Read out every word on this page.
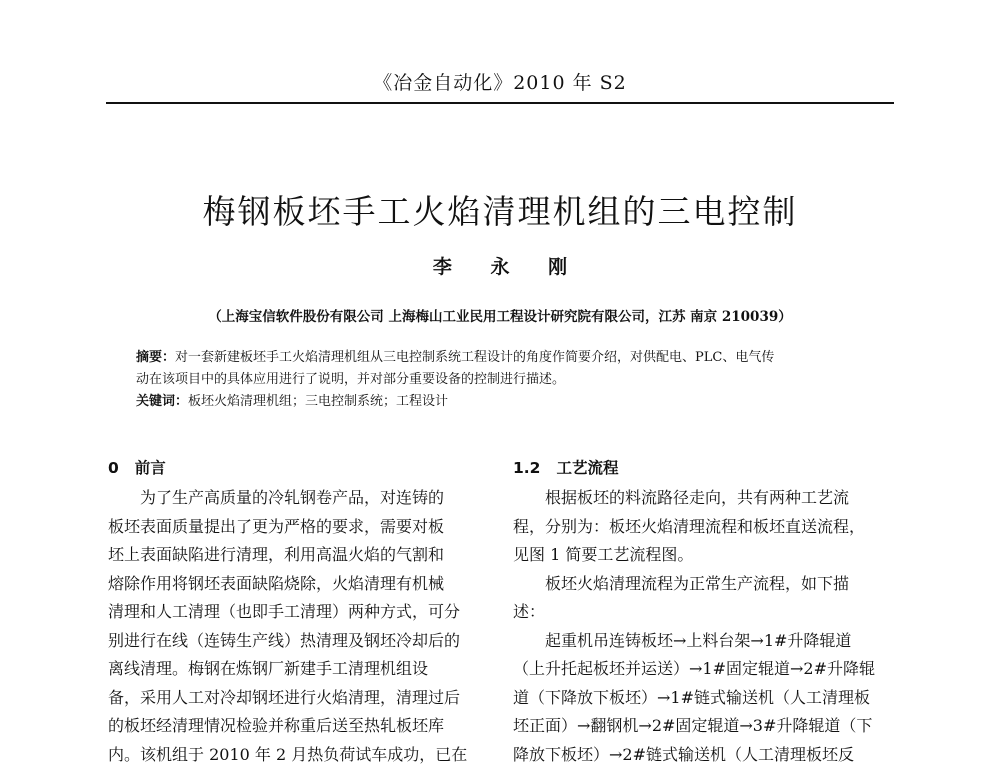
《冶金自动化》2010 年 S2
梅钢板坯手工火焰清理机组的三电控制
李 永 刚
（上海宝信软件股份有限公司 上海梅山工业民用工程设计研究院有限公司，江苏 南京 210039）

摘要：对一套新建板坯手工火焰清理机组从三电控制系统工程设计的角度作简要介绍，对供配电、PLC、电气传

动在该项目中的具体应用进行了说明，并对部分重要设备的控制进行描述。

关键词：板坯火焰清理机组；三电控制系统；工程设计

0 前言
为了生产高质量的冷轧钢卷产品，对连铸的
板坯表面质量提出了更为严格的要求，需要对板
坯上表面缺陷进行清理，利用高温火焰的气割和
熔除作用将钢坯表面缺陷烧除，火焰清理有机械
清理和人工清理（也即手工清理）两种方式，可分
别进行在线（连铸生产线）热清理及钢坯冷却后的
离线清理。梅钢在炼钢厂新建手工清理机组设
备，采用人工对冷却钢坯进行火焰清理，清理过后
的板坯经清理情况检验并称重后送至热轧板坯库
内。该机组于 2010 年 2 月热负荷试车成功，已在
1.2 工艺流程
根据板坯的料流路径走向，共有两种工艺流
程，分别为：板坯火焰清理流程和板坯直送流程，
见图 1 简要工艺流程图。
板坯火焰清理流程为正常生产流程，如下描
述：
起重机吊连铸板坯→上料台架→1#升降辊道
（上升托起板坯并运送）→1#固定辊道→2#升降辊
道（下降放下板坯）→1#链式输送机（人工清理板
坯正面）→翻钢机→2#固定辊道→3#升降辊道（下
降放下板坯）→2#链式输送机（人工清理板坯反
